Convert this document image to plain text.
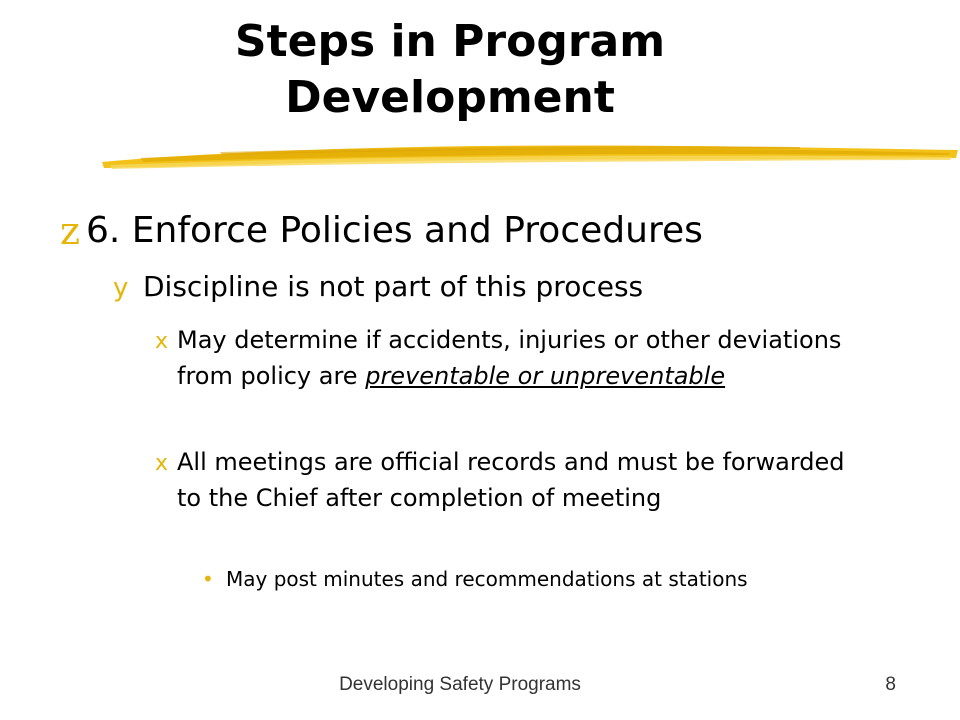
Steps in Program
Development
z 6. Enforce Policies and Procedures
y Discipline is not part of this process
x May determine if accidents, injuries or other deviations from policy are preventable or unpreventable
x All meetings are official records and must be forwarded to the Chief after completion of meeting
• May post minutes and recommendations at stations
Developing Safety Programs	8
